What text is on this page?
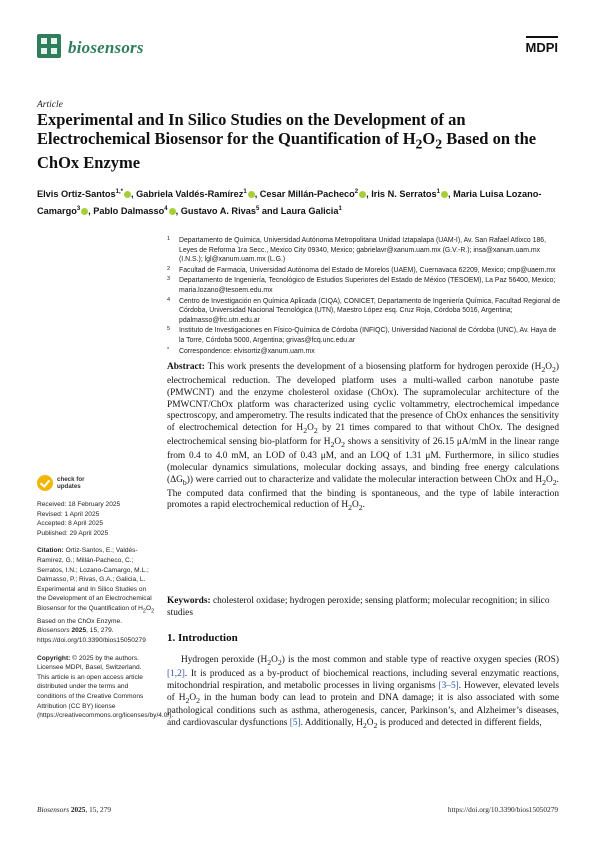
biosensors	MDPI
Article
Experimental and In Silico Studies on the Development of an Electrochemical Biosensor for the Quantification of $H_2O_2$ Based on the ChOx Enzyme

Elvis Ortiz-Santos$^{1,*}$ , Gabriela Valdés-Ramírez$^1$ , Cesar Millán-Pacheco$^2$ , Iris N. Serratos$^1$ , Maria Luisa Lozano-Camargo$^3$ , Pablo Dalmasso$^4$ , Gustavo A. Rivas$^5$ and Laura Galicia$^1$

1 Departamento de Química, Universidad Autónoma Metropolitana Unidad Iztapalapa (UAM-I), Av. San Rafael Atlixco 186, Leyes de Reforma 1ra Secc., Mexico City 09340, Mexico; gabrielavr@xanum.uam.mx (G.V.-R.); insa@xanum.uam.mx (I.N.S.); lgl@xanum.uam.mx (L.G.)
2 Facultad de Farmacia, Universidad Autónoma del Estado de Morelos (UAEM), Cuernavaca 62209, Mexico; cmp@uaem.mx
3 Departamento de Ingeniería, Tecnológico de Estudios Superiores del Estado de México (TESOEM), La Paz 56400, Mexico; maria.lozano@tesoem.edu.mx
4 Centro de Investigación en Química Aplicada (CIQA), CONICET, Departamento de Ingeniería Química, Facultad Regional de Córdoba, Universidad Nacional Tecnológica (UTN), Maestro López esq. Cruz Roja, Córdoba 5016, Argentina; pdalmasso@frc.utn.edu.ar
5 Instituto de Investigaciones en Físico-Química de Córdoba (INFIQC), Universidad Nacional de Córdoba (UNC), Av. Haya de la Torre, Córdoba 5000, Argentina; grivas@fcq.unc.edu.ar
* Correspondence: elvisortiz@xanum.uam.mx

Abstract: This work presents the development of a biosensing platform for hydrogen peroxide $(H_2O_2)$ electrochemical reduction. The developed platform uses a multi-walled carbon nanotube paste (PMWCNT) and the enzyme cholesterol oxidase (ChOx). The supramolecular architecture of the PMWCNT/ChOx platform was characterized using cyclic voltammetry, electrochemical impedance spectroscopy, and amperometry. The results indicated that the presence of ChOx enhances the sensitivity of electrochemical detection for $H_2O_2$ by 21 times compared to that without ChOx. The designed electrochemical sensing bio-platform for $H_2O_2$ shows a sensitivity of 26.15 μA/mM in the linear range from 0.4 to 4.0 mM, an LOD of 0.43 μM, and an LOQ of 1.31 μM. Furthermore, in silico studies (molecular dynamics simulations, molecular docking assays, and binding free energy calculations $(\Delta G_b)$) were carried out to characterize and validate the molecular interaction between ChOx and $H_2O_2$. The computed data confirmed that the binding is spontaneous, and the type of labile interaction promotes a rapid electrochemical reduction of $H_2O_2$.

Keywords: cholesterol oxidase; hydrogen peroxide; sensing platform; molecular recognition; in silico studies

check for
updates

Received: 18 February 2025

Revised: 1 April 2025

Accepted: 8 April 2025

Published: 29 April 2025

Citation: Ortiz-Santos, E.; Valdés-Ramírez, G.; Millán-Pacheco, C.; Serratos, I.N.; Lozano-Camargo, M.L.; Dalmasso, P.; Rivas, G.A.; Galicia, L. Experimental and In Silico Studies on the Development of an Electrochemical Biosensor for the Quantification of $H_2O_2$ Based on the ChOx Enzyme. Biosensors 2025, 15, 279. https://doi.org/10.3390/bios15050279
Copyright: © 2025 by the authors. Licensee MDPI, Basel, Switzerland. This article is an open access article distributed under the terms and conditions of the Creative Commons Attribution (CC BY) license (https://creativecommons.org/licenses/by/4.0/).
1. Introduction

Hydrogen peroxide $(H_2O_2)$ is the most common and stable type of reactive oxygen species (ROS) [1,2]. It is produced as a by-product of biochemical reactions, including several enzymatic reactions, mitochondrial respiration, and metabolic processes in living organisms [3–5]. However, elevated levels of $H_2O_2$ in the human body can lead to protein and DNA damage; it is also associated with some pathological conditions such as asthma, atherogenesis, cancer, Parkinson’s, and Alzheimer’s diseases, and cardiovascular dysfunctions [5]. Additionally, $H_2O_2$ is produced and detected in different fields,

Biosensors 2025, 15, 279	https://doi.org/10.3390/bios15050279
